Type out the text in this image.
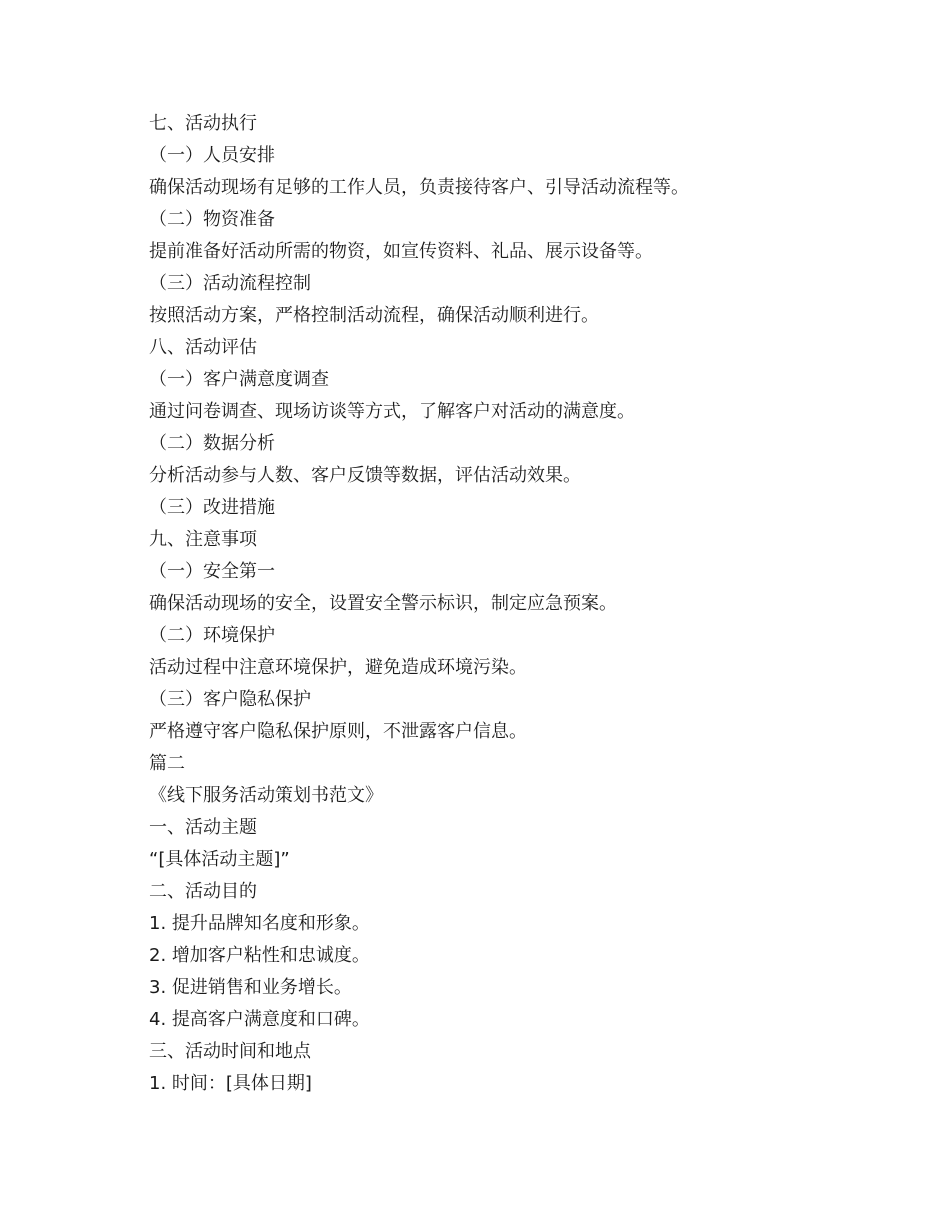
七、活动执行
（一）人员安排
确保活动现场有足够的工作人员，负责接待客户、引导活动流程等。
（二）物资准备
提前准备好活动所需的物资，如宣传资料、礼品、展示设备等。
（三）活动流程控制
按照活动方案，严格控制活动流程，确保活动顺利进行。
八、活动评估
（一）客户满意度调查
通过问卷调查、现场访谈等方式，了解客户对活动的满意度。
（二）数据分析
分析活动参与人数、客户反馈等数据，评估活动效果。
（三）改进措施
九、注意事项
（一）安全第一
确保活动现场的安全，设置安全警示标识，制定应急预案。
（二）环境保护
活动过程中注意环境保护，避免造成环境污染。
（三）客户隐私保护
严格遵守客户隐私保护原则，不泄露客户信息。
篇二
《线下服务活动策划书范文》
一、活动主题
“[具体活动主题]”
二、活动目的
1. 提升品牌知名度和形象。
2. 增加客户粘性和忠诚度。
3. 促进销售和业务增长。
4. 提高客户满意度和口碑。
三、活动时间和地点
1. 时间：[具体日期]
